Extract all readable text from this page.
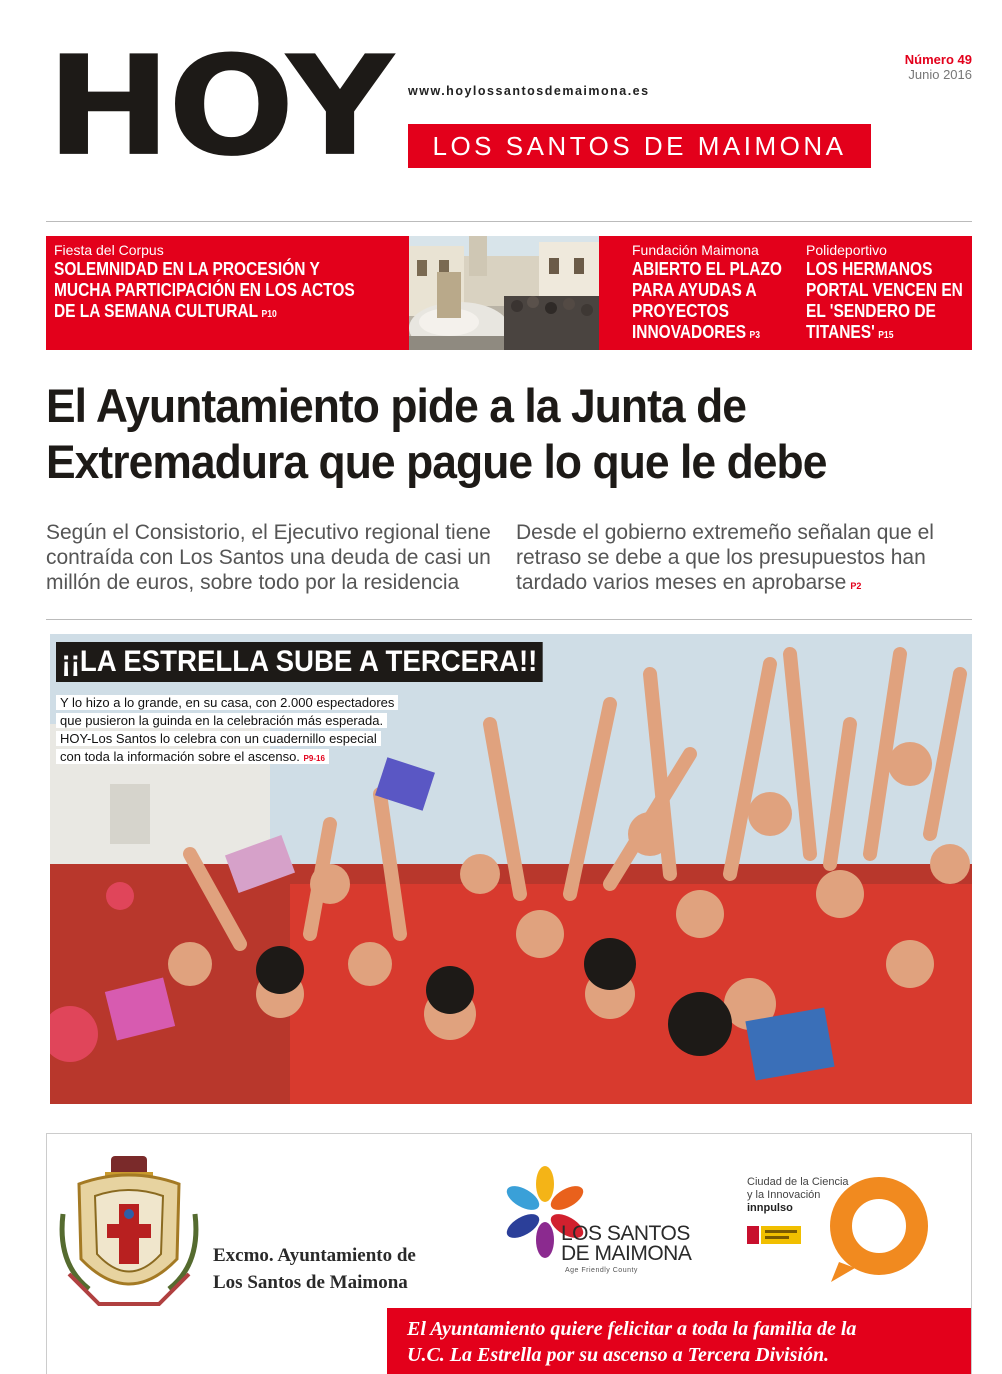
HOY www.hoylossantosdemaimona.es
LOS SANTOS DE MAIMONA
Número 49
Junio 2016
Fiesta del Corpus
SOLEMNIDAD EN LA PROCESIÓN Y
MUCHA PARTICIPACIÓN EN LOS ACTOS
DE LA SEMANA CULTURAL P10
Fundación Maimona
ABIERTO EL PLAZO
PARA AYUDAS A
PROYECTOS
INNOVADORES P3
Polideportivo
LOS HERMANOS
PORTAL VENCEN EN
EL 'SENDERO DE
TITANES' P15
El Ayuntamiento pide a la Junta de
Extremadura que pague lo que le debe
Según el Consistorio, el Ejecutivo regional tiene
contraída con Los Santos una deuda de casi un
millón de euros, sobre todo por la residencia
Desde el gobierno extremeño señalan que el
retraso se debe a que los presupuestos han
tardado varios meses en aprobarse P2
¡¡LA ESTRELLA SUBE A TERCERA!!
Y lo hizo a lo grande, en su casa, con 2.000 espectadores
que pusieron la guinda en la celebración más esperada.
HOY-Los Santos lo celebra con un cuadernillo especial
con toda la información sobre el ascenso. P9-16
Excmo. Ayuntamiento de
Los Santos de Maimona
LOS SANTOS
DE MAIMONA
Age Friendly County
Ciudad de la Ciencia
y la Innovación
innpulso

El Ayuntamiento quiere felicitar a toda la familia de la
U.C. La Estrella por su ascenso a Tercera División.
